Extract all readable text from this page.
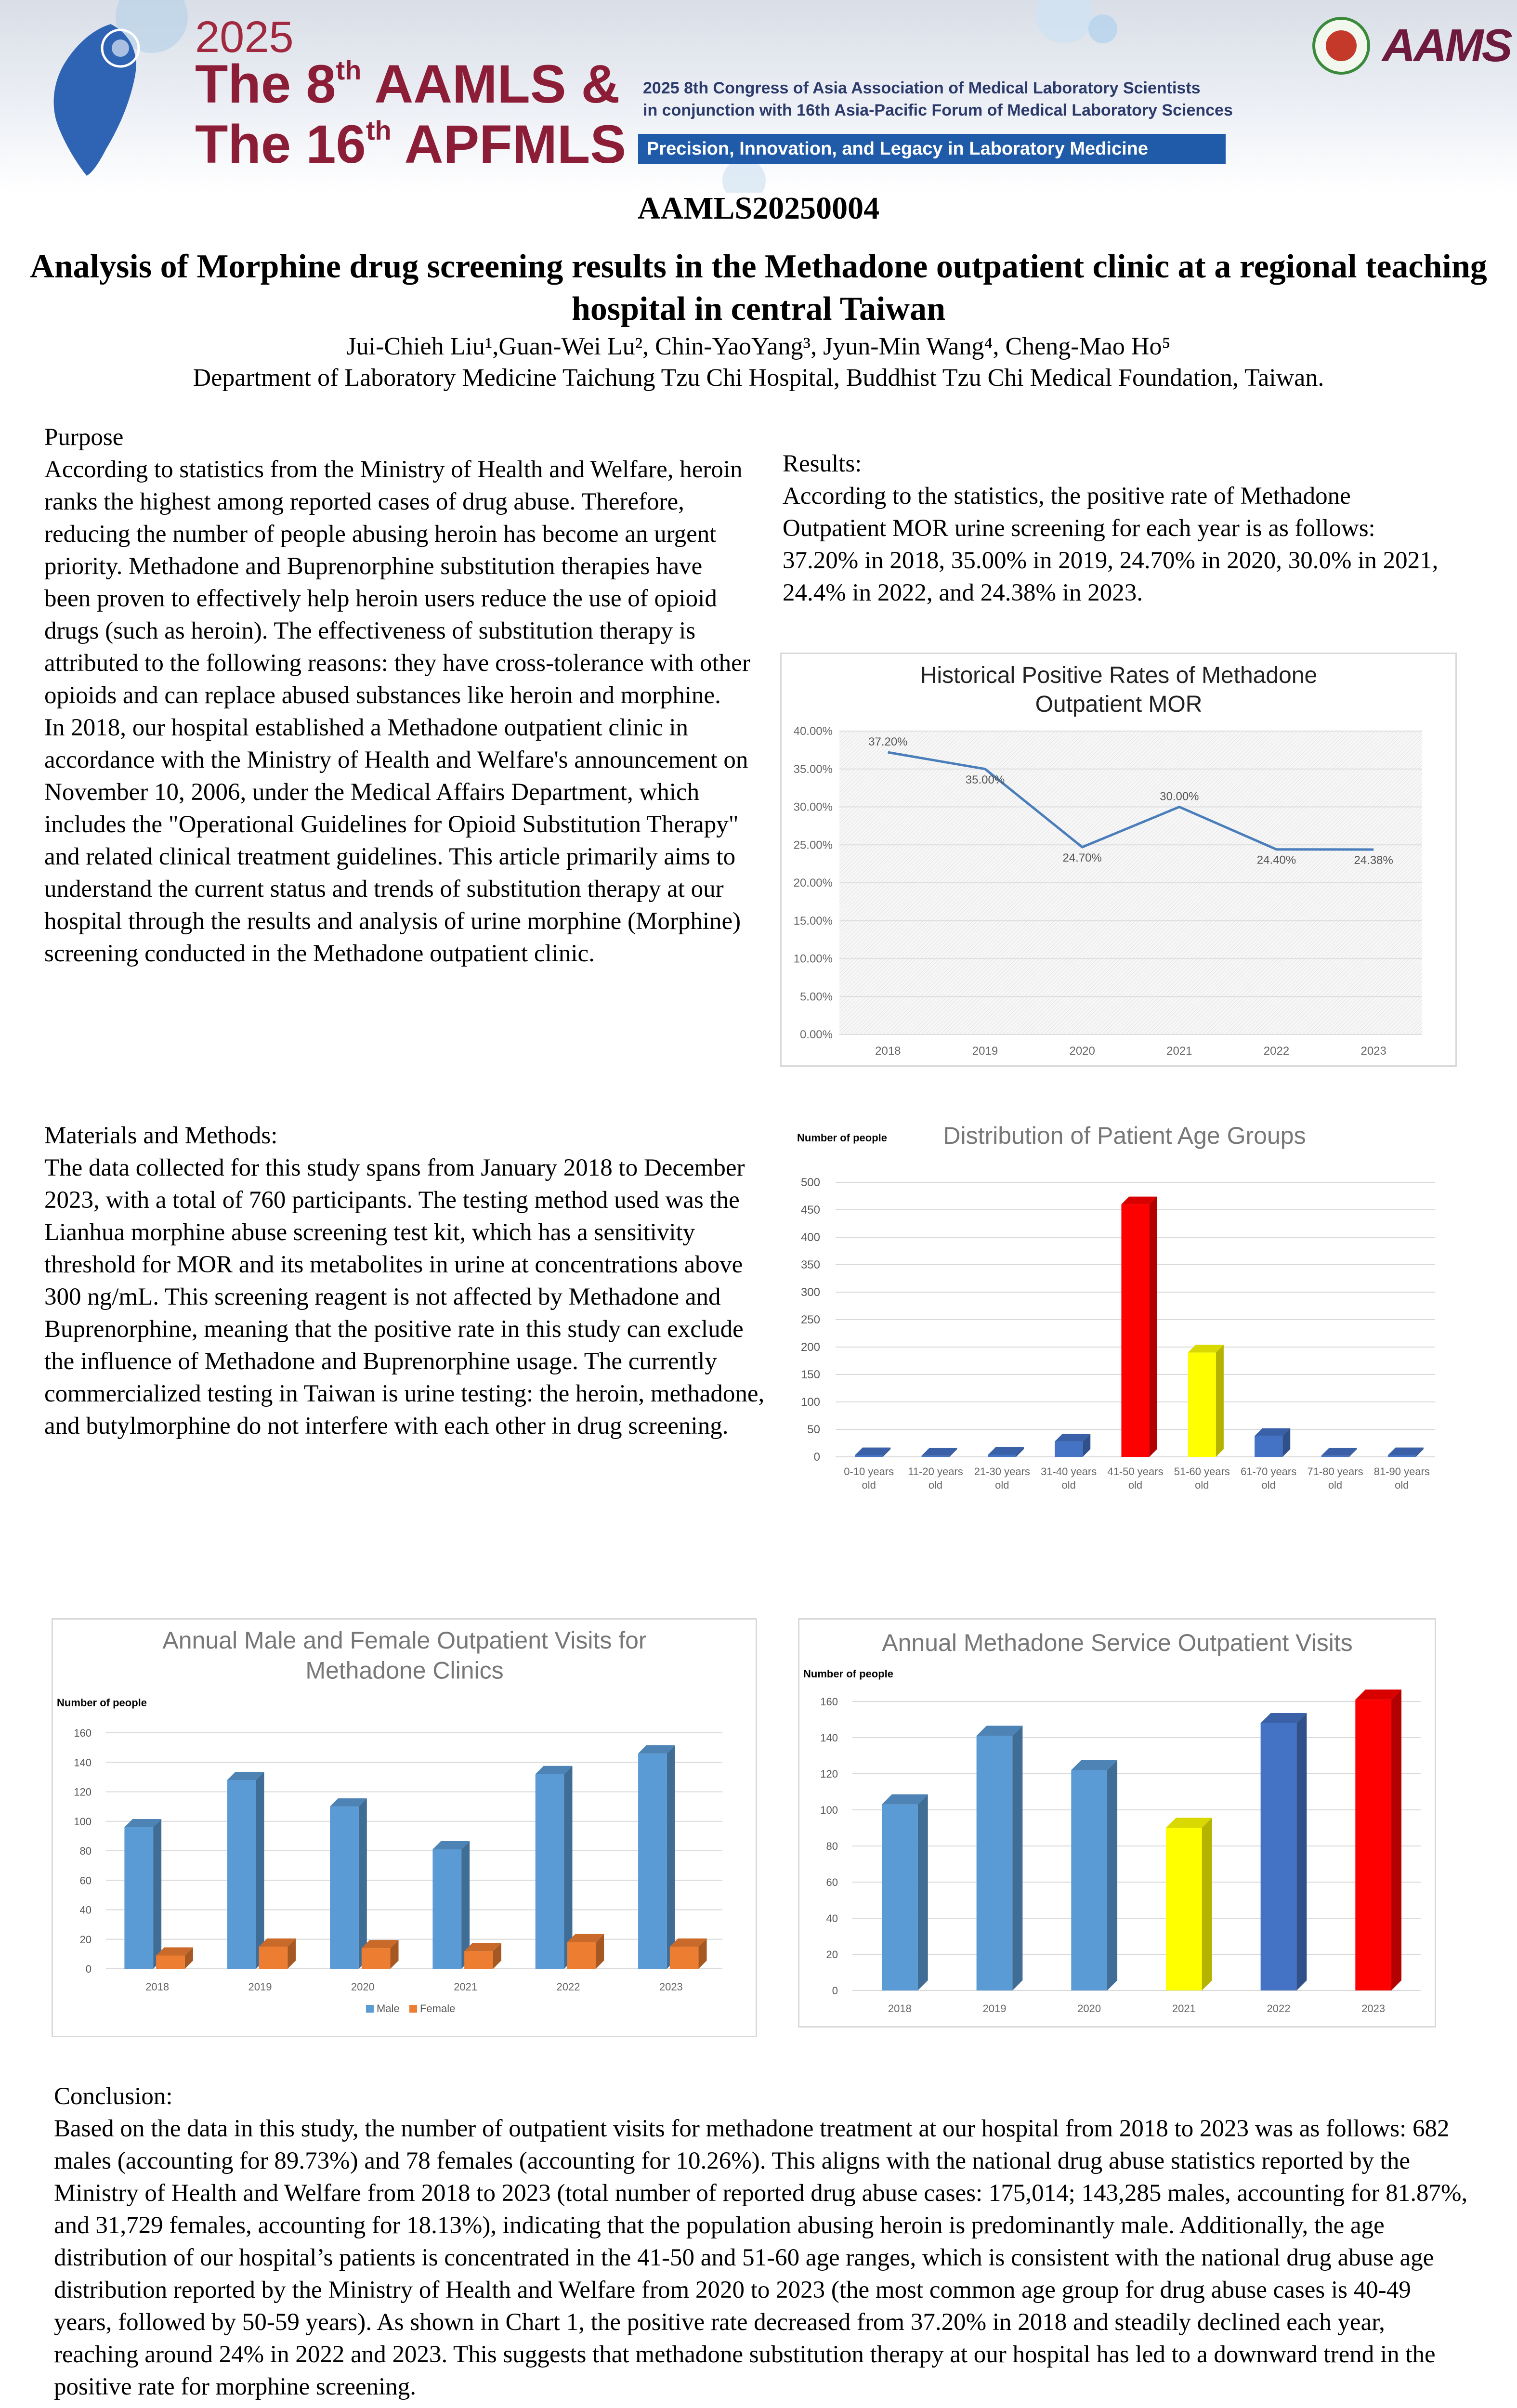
2025
The 8th AAMLS &
The 16th APFMLS
2025 8th Congress of Asia Association of Medical Laboratory Scientists
in conjunction with 16th Asia-Pacific Forum of Medical Laboratory Sciences
Precision, Innovation, and Legacy in Laboratory Medicine
AAMS
AAMLS20250004
Analysis of Morphine drug screening results in the Methadone outpatient clinic at a regional teaching hospital in central Taiwan
Jui-Chieh Liu¹,Guan-Wei Lu², Chin-YaoYang³, Jyun-Min Wang⁴, Cheng-Mao Ho⁵
Department of Laboratory Medicine Taichung Tzu Chi Hospital, Buddhist Tzu Chi Medical Foundation, Taiwan.

Purpose

According to statistics from the Ministry of Health and Welfare, heroin ranks the highest among reported cases of drug abuse. Therefore, reducing the number of people abusing heroin has become an urgent priority. Methadone and Buprenorphine substitution therapies have been proven to effectively help heroin users reduce the use of opioid drugs (such as heroin). The effectiveness of substitution therapy is attributed to the following reasons: they have cross-tolerance with other opioids and can replace abused substances like heroin and morphine.

In 2018, our hospital established a Methadone outpatient clinic in accordance with the Ministry of Health and Welfare's announcement on November 10, 2006, under the Medical Affairs Department, which includes the "Operational Guidelines for Opioid Substitution Therapy" and related clinical treatment guidelines. This article primarily aims to understand the current status and trends of substitution therapy at our hospital through the results and analysis of urine morphine (Morphine) screening conducted in the Methadone outpatient clinic.

Results:

According to the statistics, the positive rate of Methadone Outpatient MOR urine screening for each year is as follows: 37.20% in 2018, 35.00% in 2019, 24.70% in 2020, 30.0% in 2021, 24.4% in 2022, and 24.38% in 2023.

Historical Positive Rates of Methadone
Outpatient MOR
0.00%
5.00%
10.00%
15.00%
20.00%
25.00%
30.00%
35.00%
40.00%
2018	2019	2020	2021	2022	2023
37.20%
35.00%
24.70%
30.00%
24.40%	24.38%

Materials and Methods:

The data collected for this study spans from January 2018 to December 2023, with a total of 760 participants. The testing method used was the Lianhua morphine abuse screening test kit, which has a sensitivity threshold for MOR and its metabolites in urine at concentrations above 300 ng/mL. This screening reagent is not affected by Methadone and Buprenorphine, meaning that the positive rate in this study can exclude the influence of Methadone and Buprenorphine usage. The currently commercialized testing in Taiwan is urine testing: the heroin, methadone, and butylmorphine do not interfere with each other in drug screening.

Distribution of Patient Age Groups
Number of people
0
50
100
150
200
250
300
350
400
450
500
0-10 years
old
11-20 years
old
21-30 years
old
31-40 years
old
41-50 years
old
51-60 years
old
61-70 years
old
71-80 years
old
81-90 years
old
Annual Male and Female Outpatient Visits for
Methadone Clinics
Number of people
0
20
40
60
80
100
120
140
160
2018	2019	2020	2021	2022	2023
Male Female
Annual Methadone Service Outpatient Visits
Number of people
0
20
40
60
80
100
120
140
160
2018	2019	2020	2021	2022	2023

Conclusion:

Based on the data in this study, the number of outpatient visits for methadone treatment at our hospital from 2018 to 2023 was as follows: 682 males (accounting for 89.73%) and 78 females (accounting for 10.26%). This aligns with the national drug abuse statistics reported by the Ministry of Health and Welfare from 2018 to 2023 (total number of reported drug abuse cases: 175,014; 143,285 males, accounting for 81.87%, and 31,729 females, accounting for 18.13%), indicating that the population abusing heroin is predominantly male. Additionally, the age distribution of our hospital’s patients is concentrated in the 41-50 and 51-60 age ranges, which is consistent with the national drug abuse age distribution reported by the Ministry of Health and Welfare from 2020 to 2023 (the most common age group for drug abuse cases is 40-49 years, followed by 50-59 years). As shown in Chart 1, the positive rate decreased from 37.20% in 2018 and steadily declined each year, reaching around 24% in 2022 and 2023. This suggests that methadone substitution therapy at our hospital has led to a downward trend in the positive rate for morphine screening.
